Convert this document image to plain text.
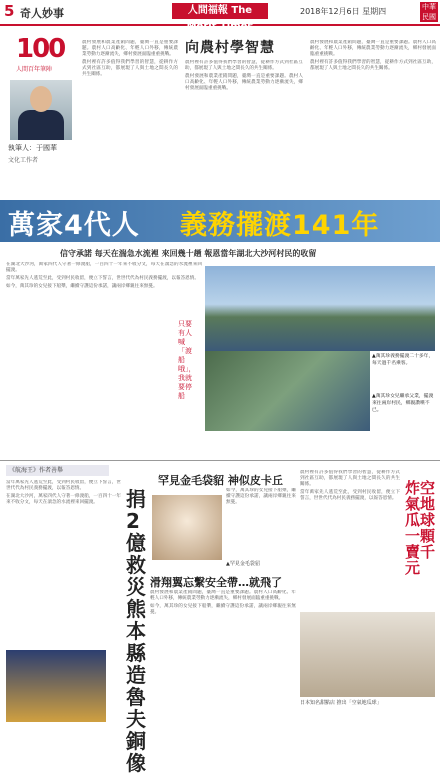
5 奇人妙事	人間福報 The Merit Times
2018年12月6日 星期四	中華 民國
100
人間百年筆陣
執筆人：于國華
文化工作者
向農村學智慧

農村發展和農業產銷問題，臺灣一直是重要課題。農村人口高齡化、年輕人口外移，傳統農業勞動力逐漸流失，鄉村發展面臨重重挑戰。

農村裡有許多值得我們學習的智慧，從耕作方式到社區互助，都展現了人與土地之間長久的共生關係。

農村裡有許多值得我們學習的智慧，從耕作方式到社區互助，都展現了人與土地之間長久的共生關係。

農村發展和農業產銷問題，臺灣一直是重要課題。農村人口高齡化、年輕人口外移，傳統農業勞動力逐漸流失，鄉村發展面臨重重挑戰。

農村發展和農業產銷問題，臺灣一直是重要課題。農村人口高齡化、年輕人口外移，傳統農業勞動力逐漸流失，鄉村發展面臨重重挑戰。

農村裡有許多值得我們學習的智慧，從耕作方式到社區互助，都展現了人與土地之間長久的共生關係。

萬家4代人 義務擺渡141年
信守承諾 每天在湍急水流裡 來回幾十趟 報恩當年湖北大沙河村民的收留

在湖北大沙河，萬家四代人守著一條渡船，一百四十一年來不收分文，每天在湍急的水流裡來回擺渡。

當年萬家先人逃荒至此，受到村民收留，便立下誓言，世世代代為村民義務擺渡，以報答恩情。

如今，萬其珍的女兒接下船槳，繼續守護這份承諾，讓兩岸鄉親往來無憂。

只要有人喊「渡船哦」，我就要停船
▲萬其珍義務擺渡二十多年，每天過千名乘客。
▲萬其珍女兒繼承父業，擺渡來往兩岸村民，鄉親讚嘆不已。
《航海王》作者善舉

當年萬家先人逃荒至此，受到村民收留，便立下誓言，世世代代為村民義務擺渡，以報答恩情。

在湖北大沙河，萬家四代人守著一條渡船，一百四十一年來不收分文，每天在湍急的水流裡來回擺渡。	捐2億救災 熊本縣造魯夫銅像
罕見金毛袋貂 神似皮卡丘
▲罕見金毛袋貂

如今，萬其珍的女兒接下船槳，繼續守護這份承諾，讓兩岸鄉親往來無憂。

滑翔翼忘繫安全帶…就飛了

農村發展和農業產銷問題，臺灣一直是重要課題。農村人口高齡化、年輕人口外移，傳統農業勞動力逐漸流失，鄉村發展面臨重重挑戰。

如今，萬其珍的女兒接下船槳，繼續守護這份承諾，讓兩岸鄉親往來無憂。

農村裡有許多值得我們學習的智慧，從耕作方式到社區互助，都展現了人與土地之間長久的共生關係。

當年萬家先人逃荒至此，受到村民收留，便立下誓言，世世代代為村民義務擺渡，以報答恩情。

炸空氣地瓜球 一顆賣千元
日本知名甜點店 推出「空氣地瓜球」
